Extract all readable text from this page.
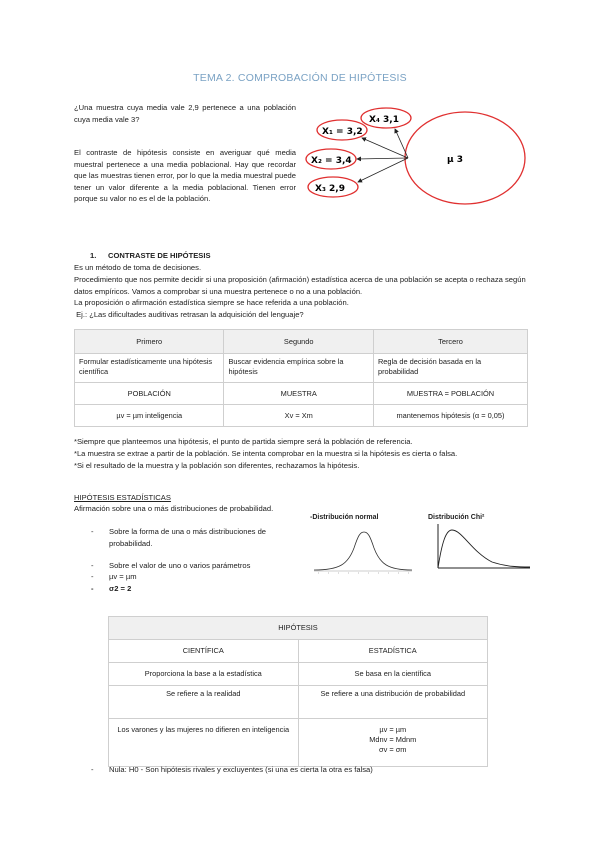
TEMA 2. COMPROBACIÓN DE HIPÓTESIS
¿Una muestra cuya media vale 2,9 pertenece a una población cuya media vale 3?
El contraste de hipótesis consiste en averiguar qué media muestral pertenece a una media poblacional. Hay que recordar que las muestras tienen error, por lo que la media muestral puede tener un valor diferente a la media poblacional. Tienen error porque su valor no es el de la población.
µ 3
X₄ 3,1
X₁ = 3,2
X₂ = 3,4
X₃ 2,9
1. CONTRASTE DE HIPÓTESIS
Es un método de toma de decisiones.
Procedimiento que nos permite decidir si una proposición (afirmación) estadística acerca de una población se acepta o rechaza según datos empíricos. Vamos a comprobar si una muestra pertenece o no a una población.
La proposición o afirmación estadística siempre se hace referida a una población.
Ej.: ¿Las dificultades auditivas retrasan la adquisición del lenguaje?
Primero	Segundo	Tercero
Formular estadísticamente una hipótesis científica	Buscar evidencia empírica sobre la hipótesis	Regla de decisión basada en la probabilidad
POBLACIÓN	MUESTRA	MUESTRA = POBLACIÓN
µv = µm inteligencia	Xv = Xm	mantenemos hipótesis (α = 0,05)
*Siempre que planteemos una hipótesis, el punto de partida siempre será la población de referencia.
*La muestra se extrae a partir de la población. Se intenta comprobar en la muestra si la hipótesis es cierta o falsa.
*Si el resultado de la muestra y la población son diferentes, rechazamos la hipótesis.
HIPÓTESIS ESTADÍSTICAS
Afirmación sobre una o más distribuciones de probabilidad.
- Sobre la forma de una o más distribuciones de probabilidad.
- Sobre el valor de uno o varios parámetros
- µv = µm
- σ2 = 2
-Distribución normal	Distribución Chi²
HIPÓTESIS	
CIENTÍFICA	ESTADÍSTICA
Proporciona la base a la estadística	Se basa en la científica
Se refiere a la realidad	Se refiere a una distribución de probabilidad
Los varones y las mujeres no difieren en inteligencia	µv = µm
Mdnv = Mdnm
σv = σm
- Nula: H0 - Son hipótesis rivales y excluyentes (si una es cierta la otra es falsa)
